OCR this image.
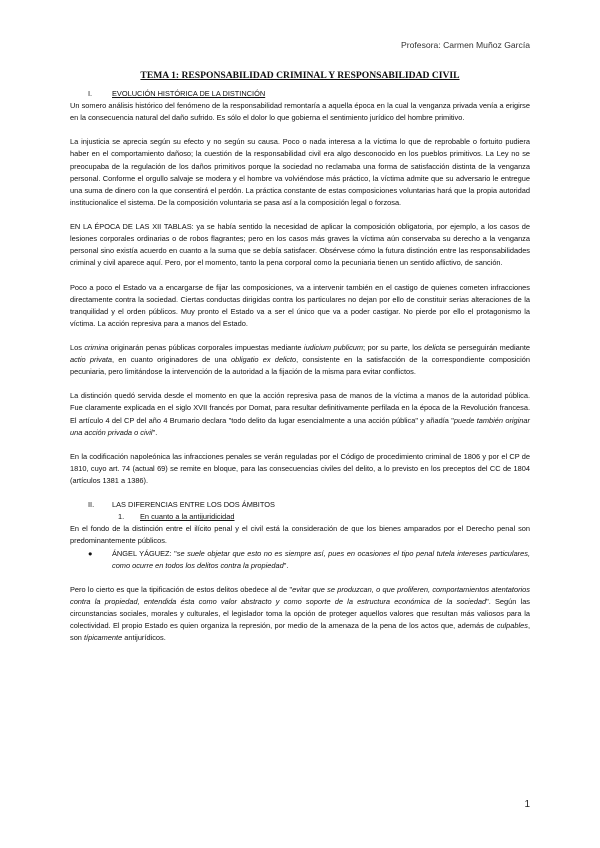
Profesora: Carmen Muñoz García
TEMA 1: RESPONSABILIDAD CRIMINAL Y RESPONSABILIDAD CIVIL
I.	EVOLUCIÓN HISTÓRICA DE LA DISTINCIÓN

Un somero análisis histórico del fenómeno de la responsabilidad remontaría a aquella época en la cual la venganza privada venía a erigirse en la consecuencia natural del daño sufrido. Es sólo el dolor lo que gobierna el sentimiento jurídico del hombre primitivo.

La injusticia se aprecia según su efecto y no según su causa. Poco o nada interesa a la víctima lo que de reprobable o fortuito pudiera haber en el comportamiento dañoso; la cuestión de la responsabilidad civil era algo desconocido en los pueblos primitivos. La Ley no se preocupaba de la regulación de los daños primitivos porque la sociedad no reclamaba una forma de satisfacción distinta de la venganza personal. Conforme el orgullo salvaje se modera y el hombre va volviéndose más práctico, la víctima admite que su adversario le entregue una suma de dinero con la que consentirá el perdón. La práctica constante de estas composiciones voluntarias hará que la propia autoridad institucionalice el sistema. De la composición voluntaria se pasa así a la composición legal o forzosa.

EN LA ÉPOCA DE LAS XII TABLAS: ya se había sentido la necesidad de aplicar la composición obligatoria, por ejemplo, a los casos de lesiones corporales ordinarias o de robos flagrantes; pero en los casos más graves la víctima aún conservaba su derecho a la venganza personal sino existía acuerdo en cuanto a la suma que se debía satisfacer. Obsérvese cómo la futura distinción entre las responsabilidades criminal y civil aparece aquí. Pero, por el momento, tanto la pena corporal como la pecuniaria tienen un sentido aflictivo, de sanción.

Poco a poco el Estado va a encargarse de fijar las composiciones, va a intervenir también en el castigo de quienes cometen infracciones directamente contra la sociedad. Ciertas conductas dirigidas contra los particulares no dejan por ello de constituir serias alteraciones de la tranquilidad y el orden públicos. Muy pronto el Estado va a ser el único que va a poder castigar. No pierde por ello el protagonismo la víctima. La acción represiva para a manos del Estado.

Los crimina originarán penas públicas corporales impuestas mediante iudicium publicum; por su parte, los delicta se perseguirán mediante actio privata, en cuanto originadores de una obligatio ex delicto, consistente en la satisfacción de la correspondiente composición pecuniaria, pero limitándose la intervención de la autoridad a la fijación de la misma para evitar conflictos.

La distinción quedó servida desde el momento en que la acción represiva pasa de manos de la víctima a manos de la autoridad pública. Fue claramente explicada en el siglo XVII francés por Domat, para resultar definitivamente perfilada en la época de la Revolución francesa. El artículo 4 del CP del año 4 Brumario declara "todo delito da lugar esencialmente a una acción pública" y añadía "puede también originar una acción privada o civil".

En la codificación napoleónica las infracciones penales se verán reguladas por el Código de procedimiento criminal de 1806 y por el CP de 1810, cuyo art. 74 (actual 69) se remite en bloque, para las consecuencias civiles del delito, a lo previsto en los preceptos del CC de 1804 (artículos 1381 a 1386).

II.	LAS DIFERENCIAS ENTRE LOS DOS ÁMBITOS
1.	En cuanto a la antijuridicidad

En el fondo de la distinción entre el ilícito penal y el civil está la consideración de que los bienes amparados por el Derecho penal son predominantemente públicos.

●	ÁNGEL YÁGUEZ: "se suele objetar que esto no es siempre así, pues en ocasiones el tipo penal tutela intereses particulares, como ocurre en todos los delitos contra la propiedad".

Pero lo cierto es que la tipificación de estos delitos obedece al de "evitar que se produzcan, o que proliferen, comportamientos atentatorios contra la propiedad, entendida ésta como valor abstracto y como soporte de la estructura económica de la sociedad". Según las circunstancias sociales, morales y culturales, el legislador toma la opción de proteger aquellos valores que resultan más valiosos para la colectividad. El propio Estado es quien organiza la represión, por medio de la amenaza de la pena de los actos que, además de culpables, son típicamente antijurídicos.

1
